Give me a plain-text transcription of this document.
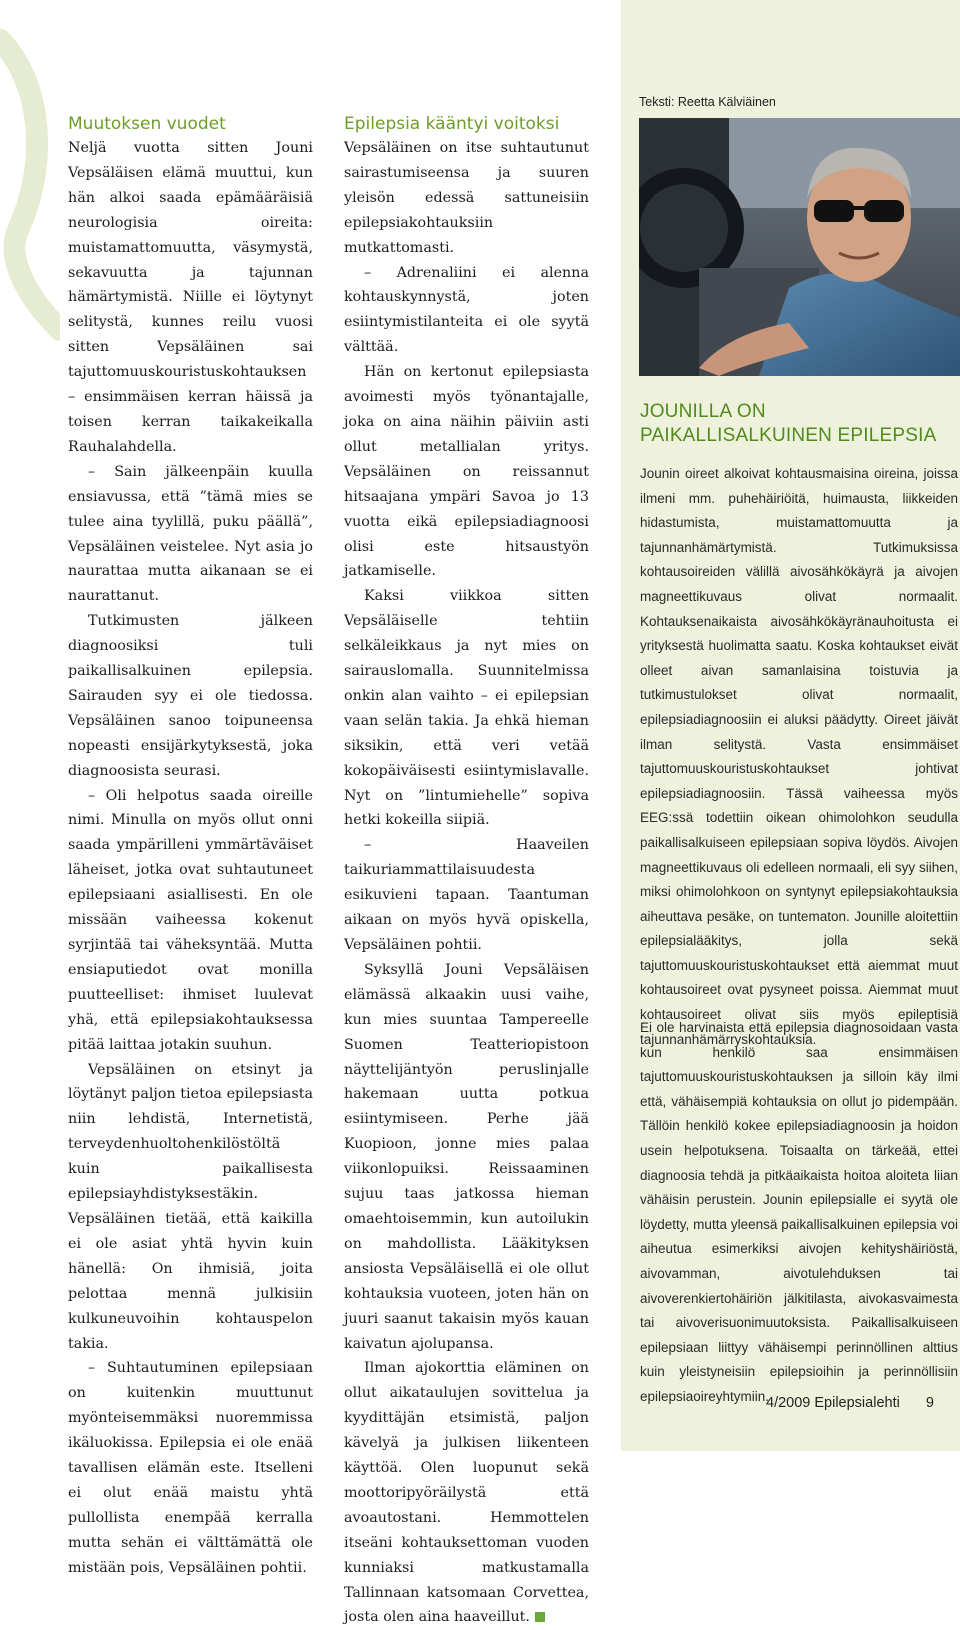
Muutoksen vuodet

Neljä vuotta sitten Jouni Vepsäläisen elämä muuttui, kun hän alkoi saada epämääräisiä neurologisia oireita: muistamattomuutta, väsymystä, sekavuutta ja tajunnan hämärtymistä. Niille ei löytynyt selitystä, kunnes reilu vuosi sitten Vepsäläinen sai tajuttomuuskouristuskohtauksen – ensimmäisen kerran häissä ja toisen kerran taikakeikalla Rauhalahdella.

– Sain jälkeenpäin kuulla ensiavussa, että ”tämä mies se tulee aina tyylillä, puku päällä”, Vepsäläinen veistelee. Nyt asia jo naurattaa mutta aikanaan se ei naurattanut.

Tutkimusten jälkeen diagnoosiksi tuli paikallisalkuinen epilepsia. Sairauden syy ei ole tiedossa. Vepsäläinen sanoo toipuneensa nopeasti ensijärkytyksestä, joka diagnoosista seurasi.

– Oli helpotus saada oireille nimi. Minulla on myös ollut onni saada ympärilleni ymmärtäväiset läheiset, jotka ovat suhtautuneet epilepsiaani asiallisesti. En ole missään vaiheessa kokenut syrjintää tai väheksyntää. Mutta ensiaputiedot ovat monilla puutteelliset: ihmiset luulevat yhä, että epilepsiakohtauksessa pitää laittaa jotakin suuhun.

Vepsäläinen on etsinyt ja löytänyt paljon tietoa epilepsiasta niin lehdistä, Internetistä, terveydenhuoltohenkilöstöltä kuin paikallisesta epilepsiayhdistyksestäkin. Vepsäläinen tietää, että kaikilla ei ole asiat yhtä hyvin kuin hänellä: On ihmisiä, joita pelottaa mennä julkisiin kulkuneuvoihin kohtauspelon takia.

– Suhtautuminen epilepsiaan on kuitenkin muuttunut myönteisemmäksi nuoremmissa ikäluokissa. Epilepsia ei ole enää tavallisen elämän este. Itselleni ei olut enää maistu yhtä pullollista enempää kerralla mutta sehän ei välttämättä ole mistään pois, Vepsäläinen pohtii.

Epilepsia kääntyi voitoksi

Vepsäläinen on itse suhtautunut sairastumiseensa ja suuren yleisön edessä sattuneisiin epilepsiakohtauksiin mutkattomasti.

– Adrenaliini ei alenna kohtauskynnystä, joten esiintymistilanteita ei ole syytä välttää.

Hän on kertonut epilepsiasta avoimesti myös työnantajalle, joka on aina näihin päiviin asti ollut metallialan yritys. Vepsäläinen on reissannut hitsaajana ympäri Savoa jo 13 vuotta eikä epilepsiadiagnoosi olisi este hitsaustyön jatkamiselle.

Kaksi viikkoa sitten Vepsäläiselle tehtiin selkäleikkaus ja nyt mies on sairauslomalla. Suunnitelmissa onkin alan vaihto – ei epilepsian vaan selän takia. Ja ehkä hieman siksikin, että veri vetää kokopäiväisesti esiintymislavalle. Nyt on ”lintumiehelle” sopiva hetki kokeilla siipiä.

– Haaveilen taikuriammattilaisuudesta esikuvieni tapaan. Taantuman aikaan on myös hyvä opiskella, Vepsäläinen pohtii.

Syksyllä Jouni Vepsäläisen elämässä alkaakin uusi vaihe, kun mies suuntaa Tampereelle Suomen Teatteriopistoon näyttelijäntyön peruslinjalle hakemaan uutta potkua esiintymiseen. Perhe jää Kuopioon, jonne mies palaa viikonlopuiksi. Reissaaminen sujuu taas jatkossa hieman omaehtoisemmin, kun autoilukin on mahdollista. Lääkityksen ansiosta Vepsäläisellä ei ole ollut kohtauksia vuoteen, joten hän on juuri saanut takaisin myös kauan kaivatun ajolupansa.

Ilman ajokorttia eläminen on ollut aikataulujen sovittelua ja kyydittäjän etsimistä, paljon kävelyä ja julkisen liikenteen käyttöä. Olen luopunut sekä moottoripyöräilystä että avoautostani. Hemmottelen itseäni kohtauksettoman vuoden kunniaksi matkustamalla Tallinnaan katsomaan Corvettea, josta olen aina haaveillut.

Teksti: Reetta Kälviäinen
JOUNILLA ON
PAIKALLISALKUINEN EPILEPSIA

Jounin oireet alkoivat kohtausmaisina oireina, joissa ilmeni mm. puhehäiriöitä, huimausta, liikkeiden hidastumista, muistamattomuutta ja tajunnanhämärtymistä. Tutkimuksissa kohtausoireiden välillä aivosähkökäyrä ja aivojen magneettikuvaus olivat normaalit. Kohtauksenaikaista aivosähkökäyränauhoitusta ei yrityksestä huolimatta saatu. Koska kohtaukset eivät olleet aivan samanlaisina toistuvia ja tutkimustulokset olivat normaalit, epilepsiadiagnoosiin ei aluksi päädytty. Oireet jäivät ilman selitystä. Vasta ensimmäiset tajuttomuuskouristuskohtaukset johtivat epilepsiadiagnoosiin. Tässä vaiheessa myös EEG:ssä todettiin oikean ohimolohkon seudulla paikallisalkuiseen epilepsiaan sopiva löydös. Aivojen magneettikuvaus oli edelleen normaali, eli syy siihen, miksi ohimolohkoon on syntynyt epilepsiakohtauksia aiheuttava pesäke, on tuntematon. Jounille aloitettiin epilepsialääkitys, jolla sekä tajuttomuuskouristuskohtaukset että aiemmat muut kohtausoireet ovat pysyneet poissa. Aiemmat muut kohtausoireet olivat siis myös epileptisiä tajunnanhämärryskohtauksia.

Ei ole harvinaista että epilepsia diagnosoidaan vasta kun henkilö saa ensimmäisen tajuttomuuskouristuskohtauksen ja silloin käy ilmi että, vähäisempiä kohtauksia on ollut jo pidempään. Tällöin henkilö kokee epilepsiadiagnoosin ja hoidon usein helpotuksena. Toisaalta on tärkeää, ettei diagnoosia tehdä ja pitkäaikaista hoitoa aloiteta liian vähäisin perustein. Jounin epilepsialle ei syytä ole löydetty, mutta yleensä paikallisalkuinen epilepsia voi aiheutua esimerkiksi aivojen kehityshäiriöstä, aivovamman, aivotulehduksen tai aivoverenkiertohäiriön jälkitilasta, aivokasvaimesta tai aivoverisuonimuutoksista. Paikallisalkuiseen epilepsiaan liittyy vähäisempi perinnöllinen alttius kuin yleistyneisiin epilepsioihin ja perinnöllisiin epilepsiaoireyhtymiin.

4/2009 Epilepsialehti 9
